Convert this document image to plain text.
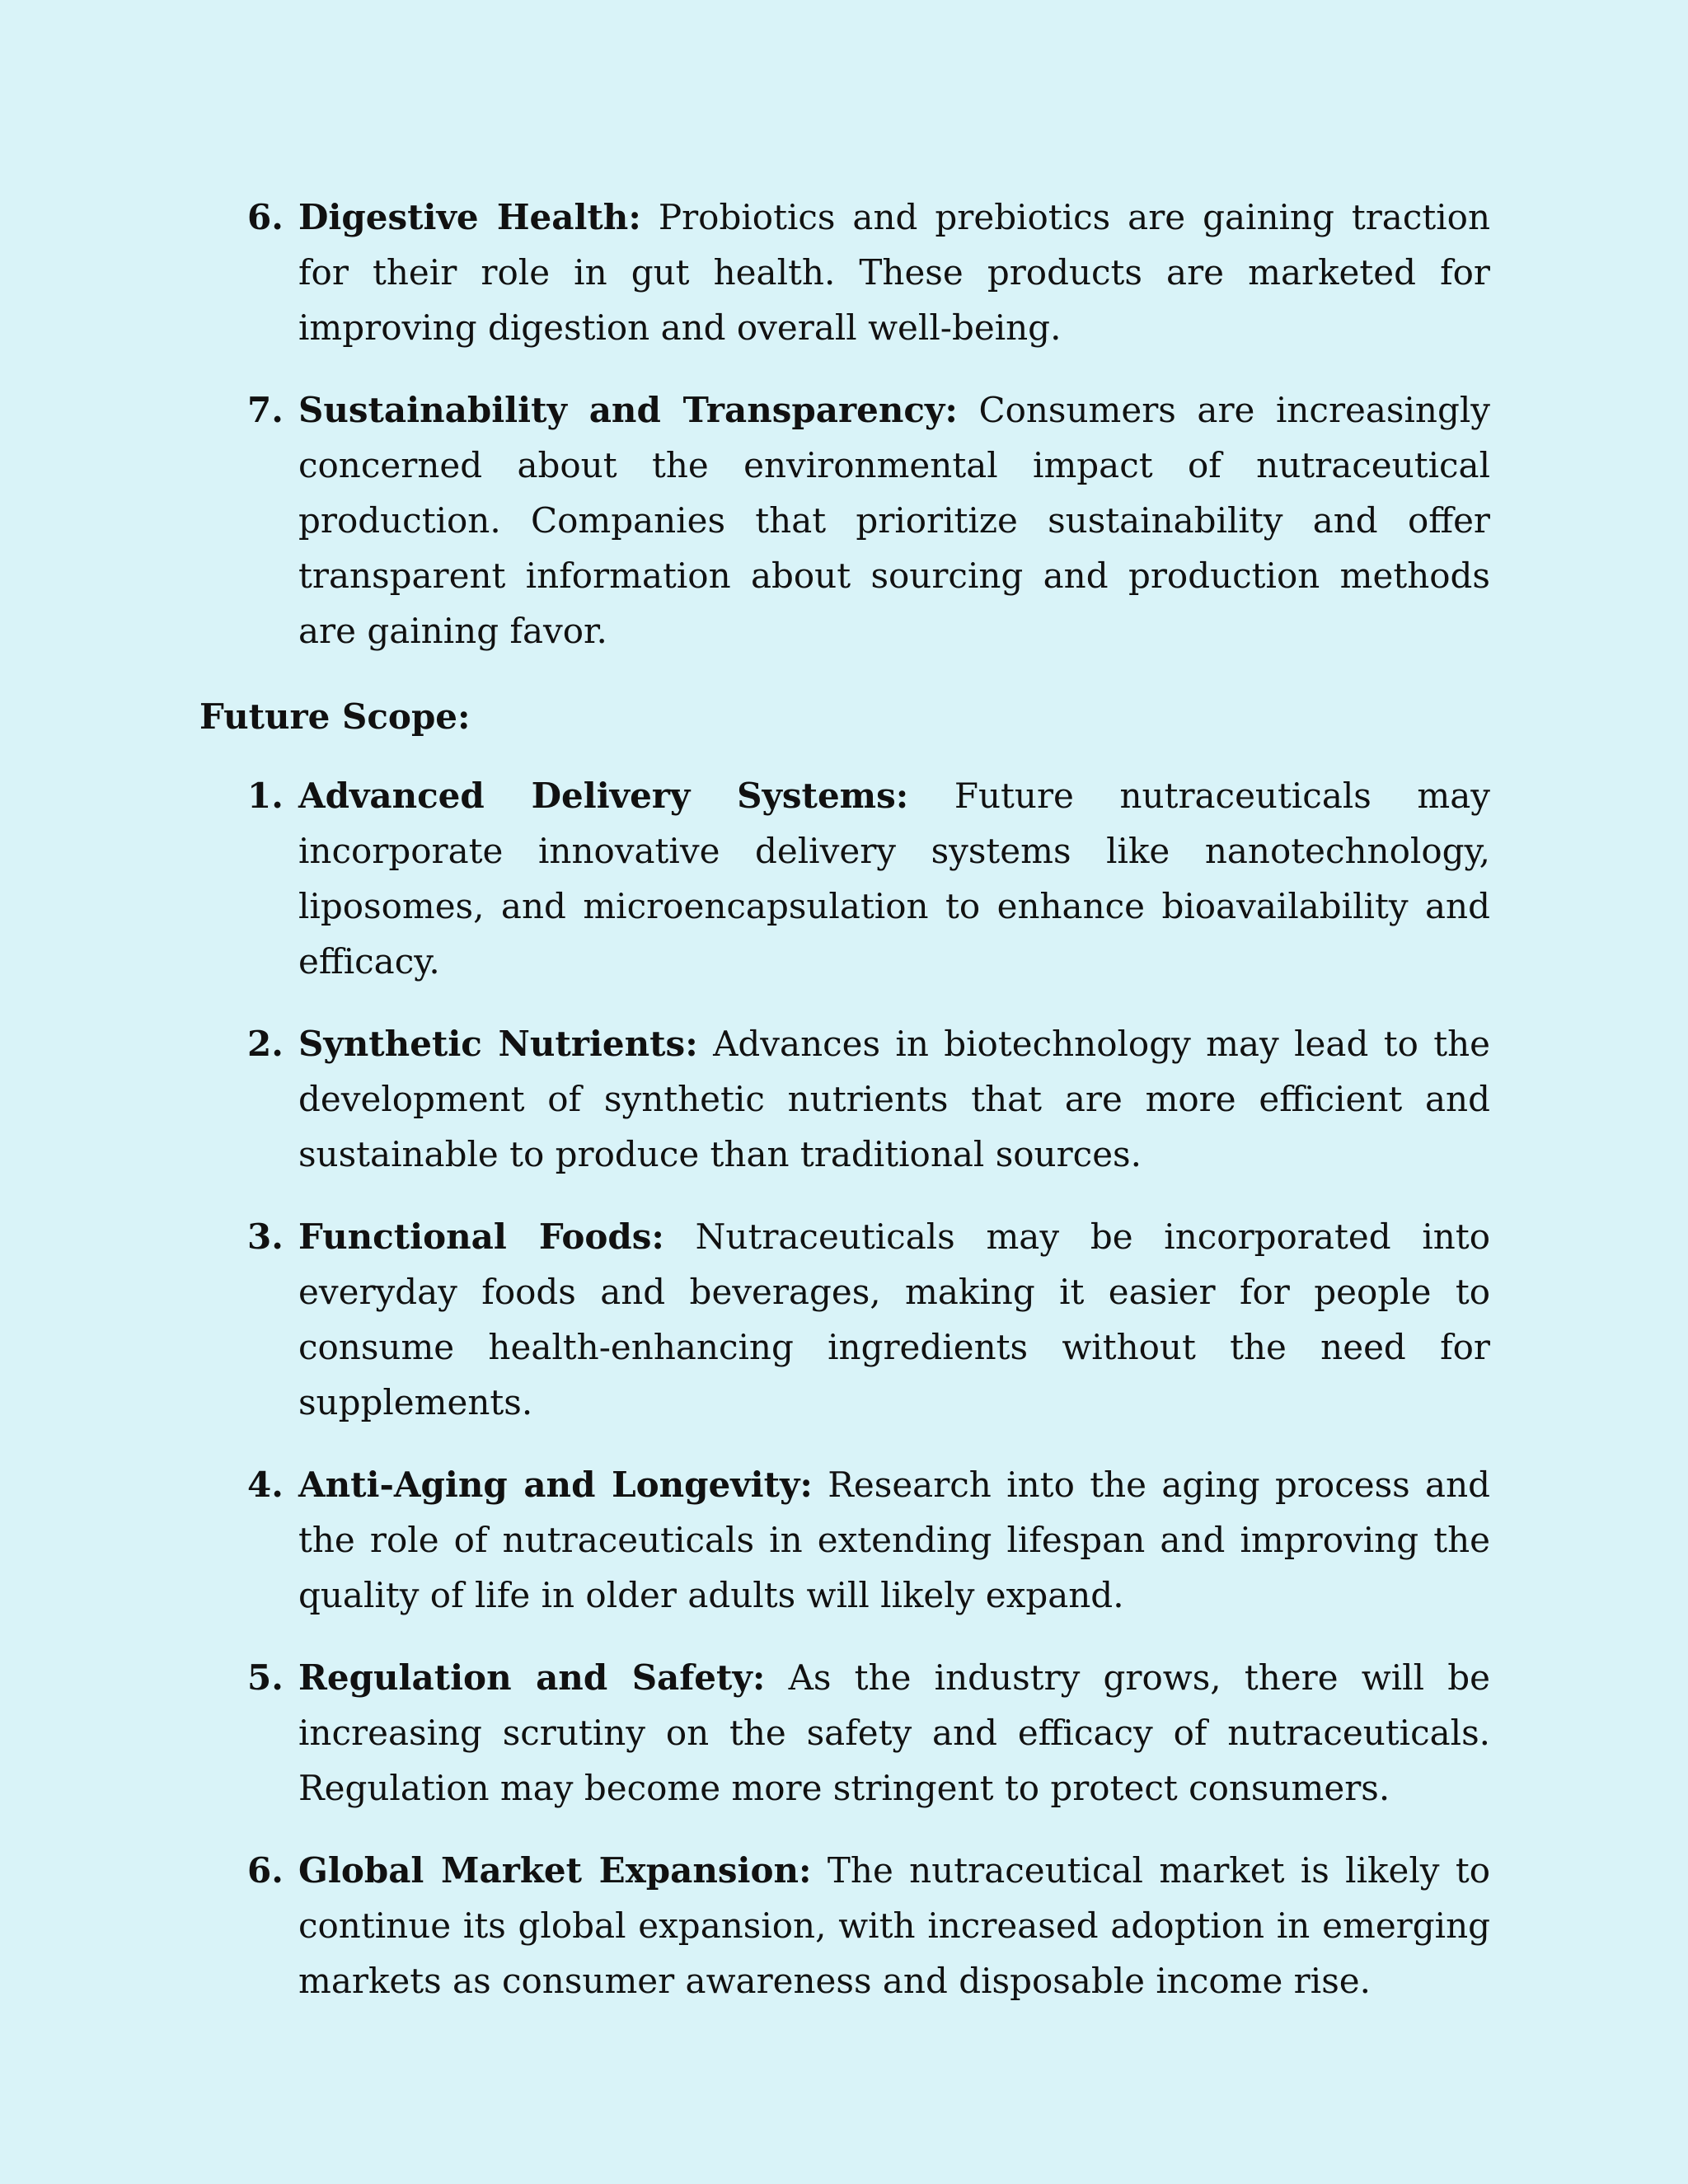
6. Digestive Health: Probiotics and prebiotics are gaining traction for their role in gut health. These products are marketed for improving digestion and overall well-being.
7. Sustainability and Transparency: Consumers are increasingly concerned about the environmental impact of nutraceutical production. Companies that prioritize sustainability and offer transparent information about sourcing and production methods are gaining favor.
Future Scope:
1. Advanced Delivery Systems: Future nutraceuticals may incorporate innovative delivery systems like nanotechnology, liposomes, and microencapsulation to enhance bioavailability and efficacy.
2. Synthetic Nutrients: Advances in biotechnology may lead to the development of synthetic nutrients that are more efficient and sustainable to produce than traditional sources.
3. Functional Foods: Nutraceuticals may be incorporated into everyday foods and beverages, making it easier for people to consume health-enhancing ingredients without the need for supplements.
4. Anti-Aging and Longevity: Research into the aging process and the role of nutraceuticals in extending lifespan and improving the quality of life in older adults will likely expand.
5. Regulation and Safety: As the industry grows, there will be increasing scrutiny on the safety and efficacy of nutraceuticals. Regulation may become more stringent to protect consumers.
6. Global Market Expansion: The nutraceutical market is likely to continue its global expansion, with increased adoption in emerging markets as consumer awareness and disposable income rise.
